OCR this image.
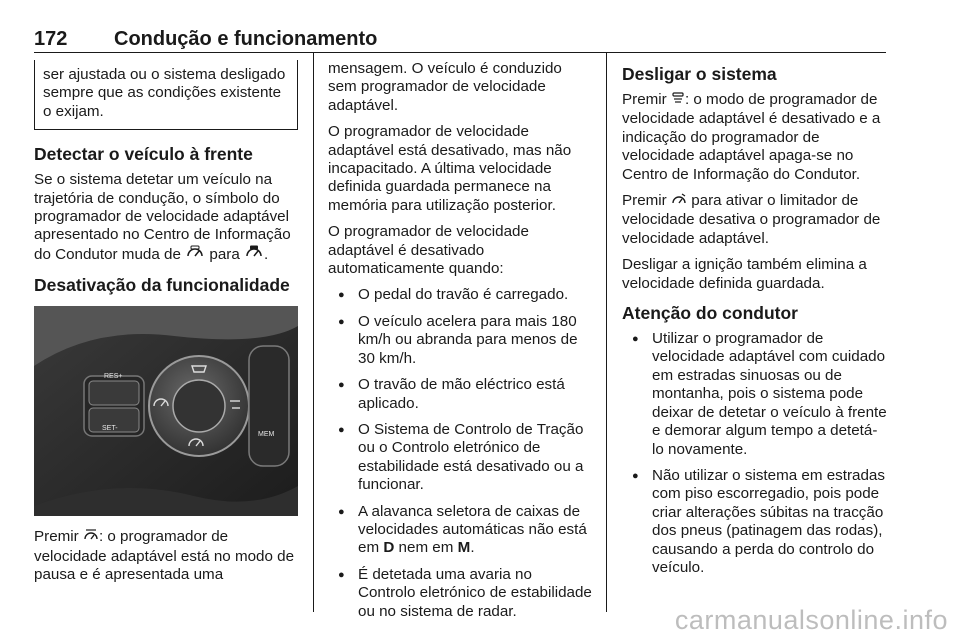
172 Condução e funcionamento
ser ajustada ou o sistema desligado sempre que as condições existente o exijam.
Detectar o veículo à frente

Se o sistema detetar um veículo na trajetória de condução, o símbolo do programador de velocidade adaptável apresentado no Centro de Informação do Condutor muda de para .

Desativação da funcionalidade
RES+
SET-
MEM

Premir : o programador de velocidade adaptável está no modo de pausa e é apresentada uma

mensagem. O veículo é conduzido sem programador de velocidade adaptável.

O programador de velocidade adaptável está desativado, mas não incapacitado. A última velocidade definida guardada permanece na memória para utilização posterior.

O programador de velocidade adaptável é desativado automaticamente quando:

● O pedal do travão é carregado.
● O veículo acelera para mais 180 km/h ou abranda para menos de 30 km/h.
● O travão de mão eléctrico está aplicado.
● O Sistema de Controlo de Tração ou o Controlo eletrónico de estabilidade está desativado ou a funcionar.
● A alavanca seletora de caixas de velocidades automáticas não está em D nem em M.
● É detetada uma avaria no Controlo eletrónico de estabilidade ou no sistema de radar.
Desligar o sistema

Premir : o modo de programador de velocidade adaptável é desativado e a indicação do programador de velocidade adaptável apaga-se no Centro de Informação do Condutor.

Premir para ativar o limitador de velocidade desativa o programador de velocidade adaptável.

Desligar a ignição também elimina a velocidade definida guardada.

Atenção do condutor
● Utilizar o programador de velocidade adaptável com cuidado em estradas sinuosas ou de montanha, pois o sistema pode deixar de detetar o veículo à frente e demorar algum tempo a detetá-lo novamente.
● Não utilizar o sistema em estradas com piso escorregadio, pois pode criar alterações súbitas na tracção dos pneus (patinagem das rodas), causando a perda do controlo do veículo.
carmanualsonline.info
